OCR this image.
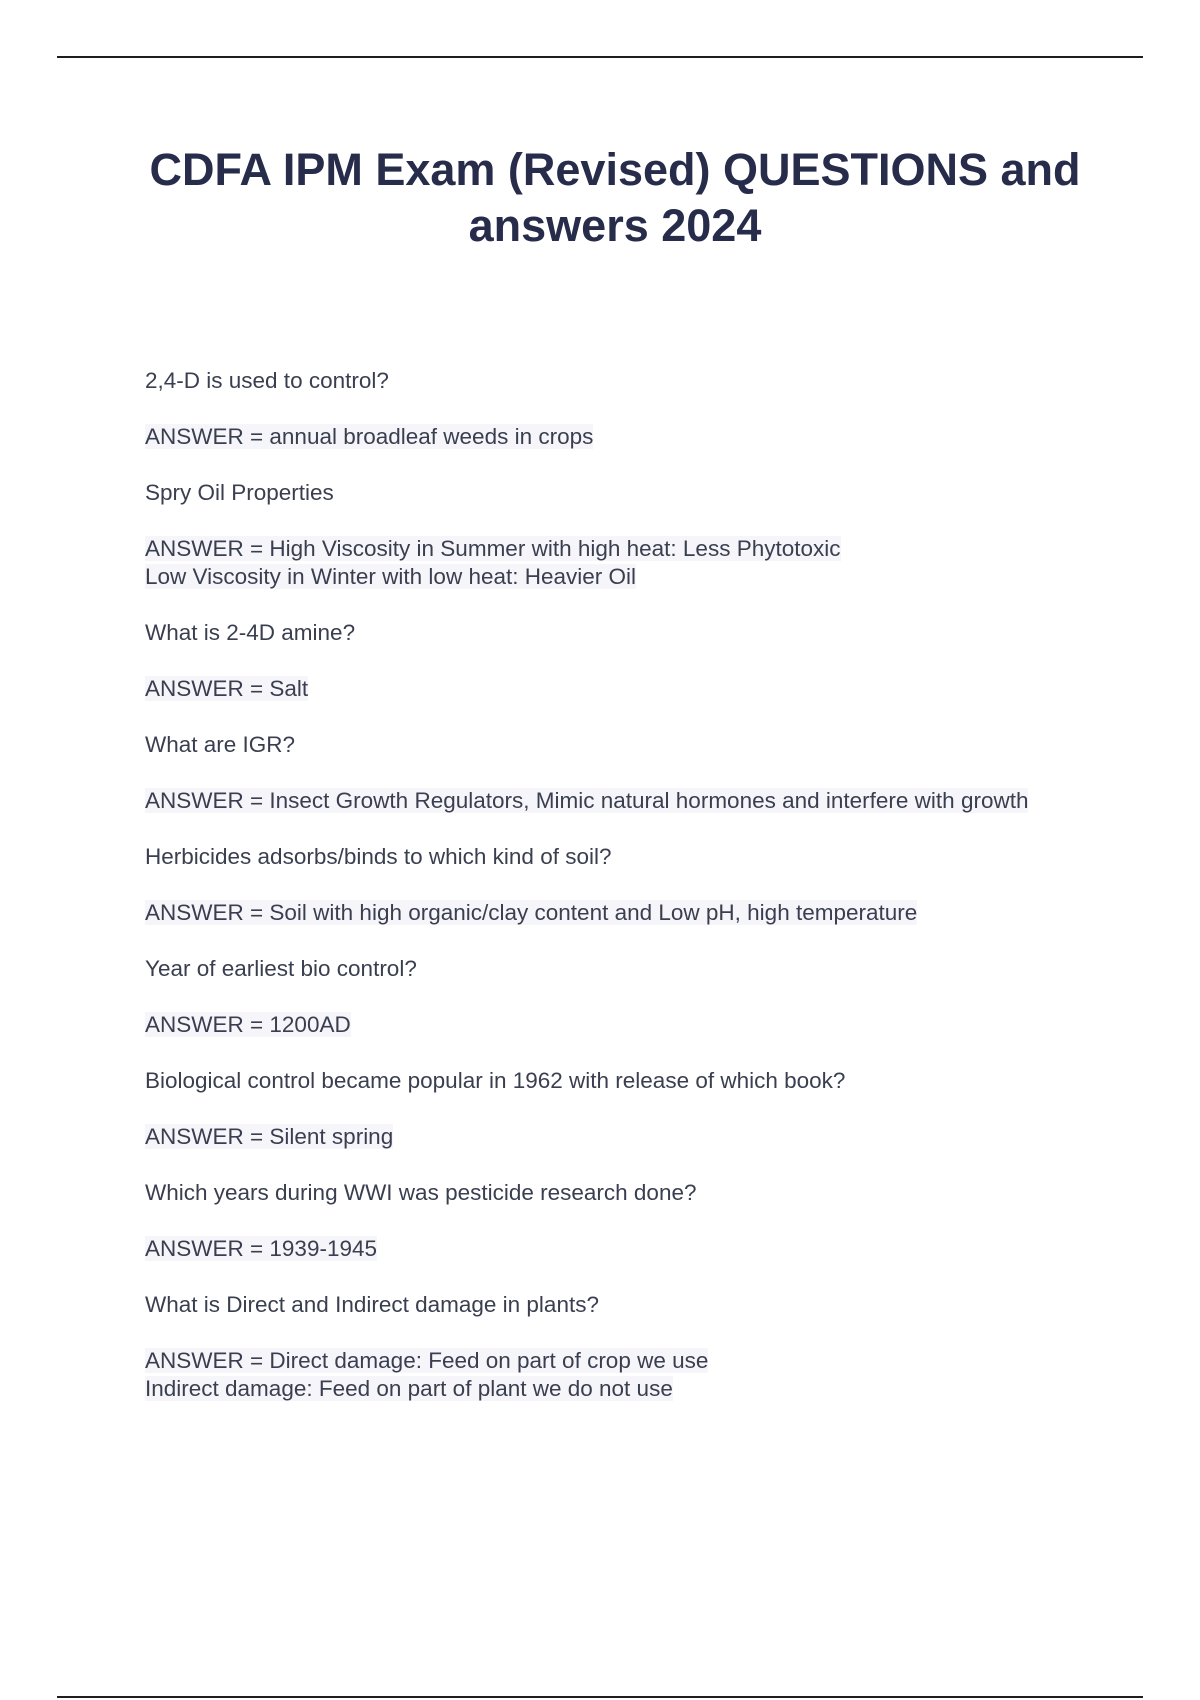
CDFA IPM Exam (Revised) QUESTIONS and answers 2024

2,4-D is used to control?

ANSWER = annual broadleaf weeds in crops

Spry Oil Properties

ANSWER = High Viscosity in Summer with high heat: Less Phytotoxic
Low Viscosity in Winter with low heat: Heavier Oil

What is 2-4D amine?

ANSWER = Salt

What are IGR?

ANSWER = Insect Growth Regulators, Mimic natural hormones and interfere with growth

Herbicides adsorbs/binds to which kind of soil?

ANSWER = Soil with high organic/clay content and Low pH, high temperature

Year of earliest bio control?

ANSWER = 1200AD

Biological control became popular in 1962 with release of which book?

ANSWER = Silent spring

Which years during WWI was pesticide research done?

ANSWER = 1939-1945

What is Direct and Indirect damage in plants?

ANSWER = Direct damage: Feed on part of crop we use
Indirect damage: Feed on part of plant we do not use
